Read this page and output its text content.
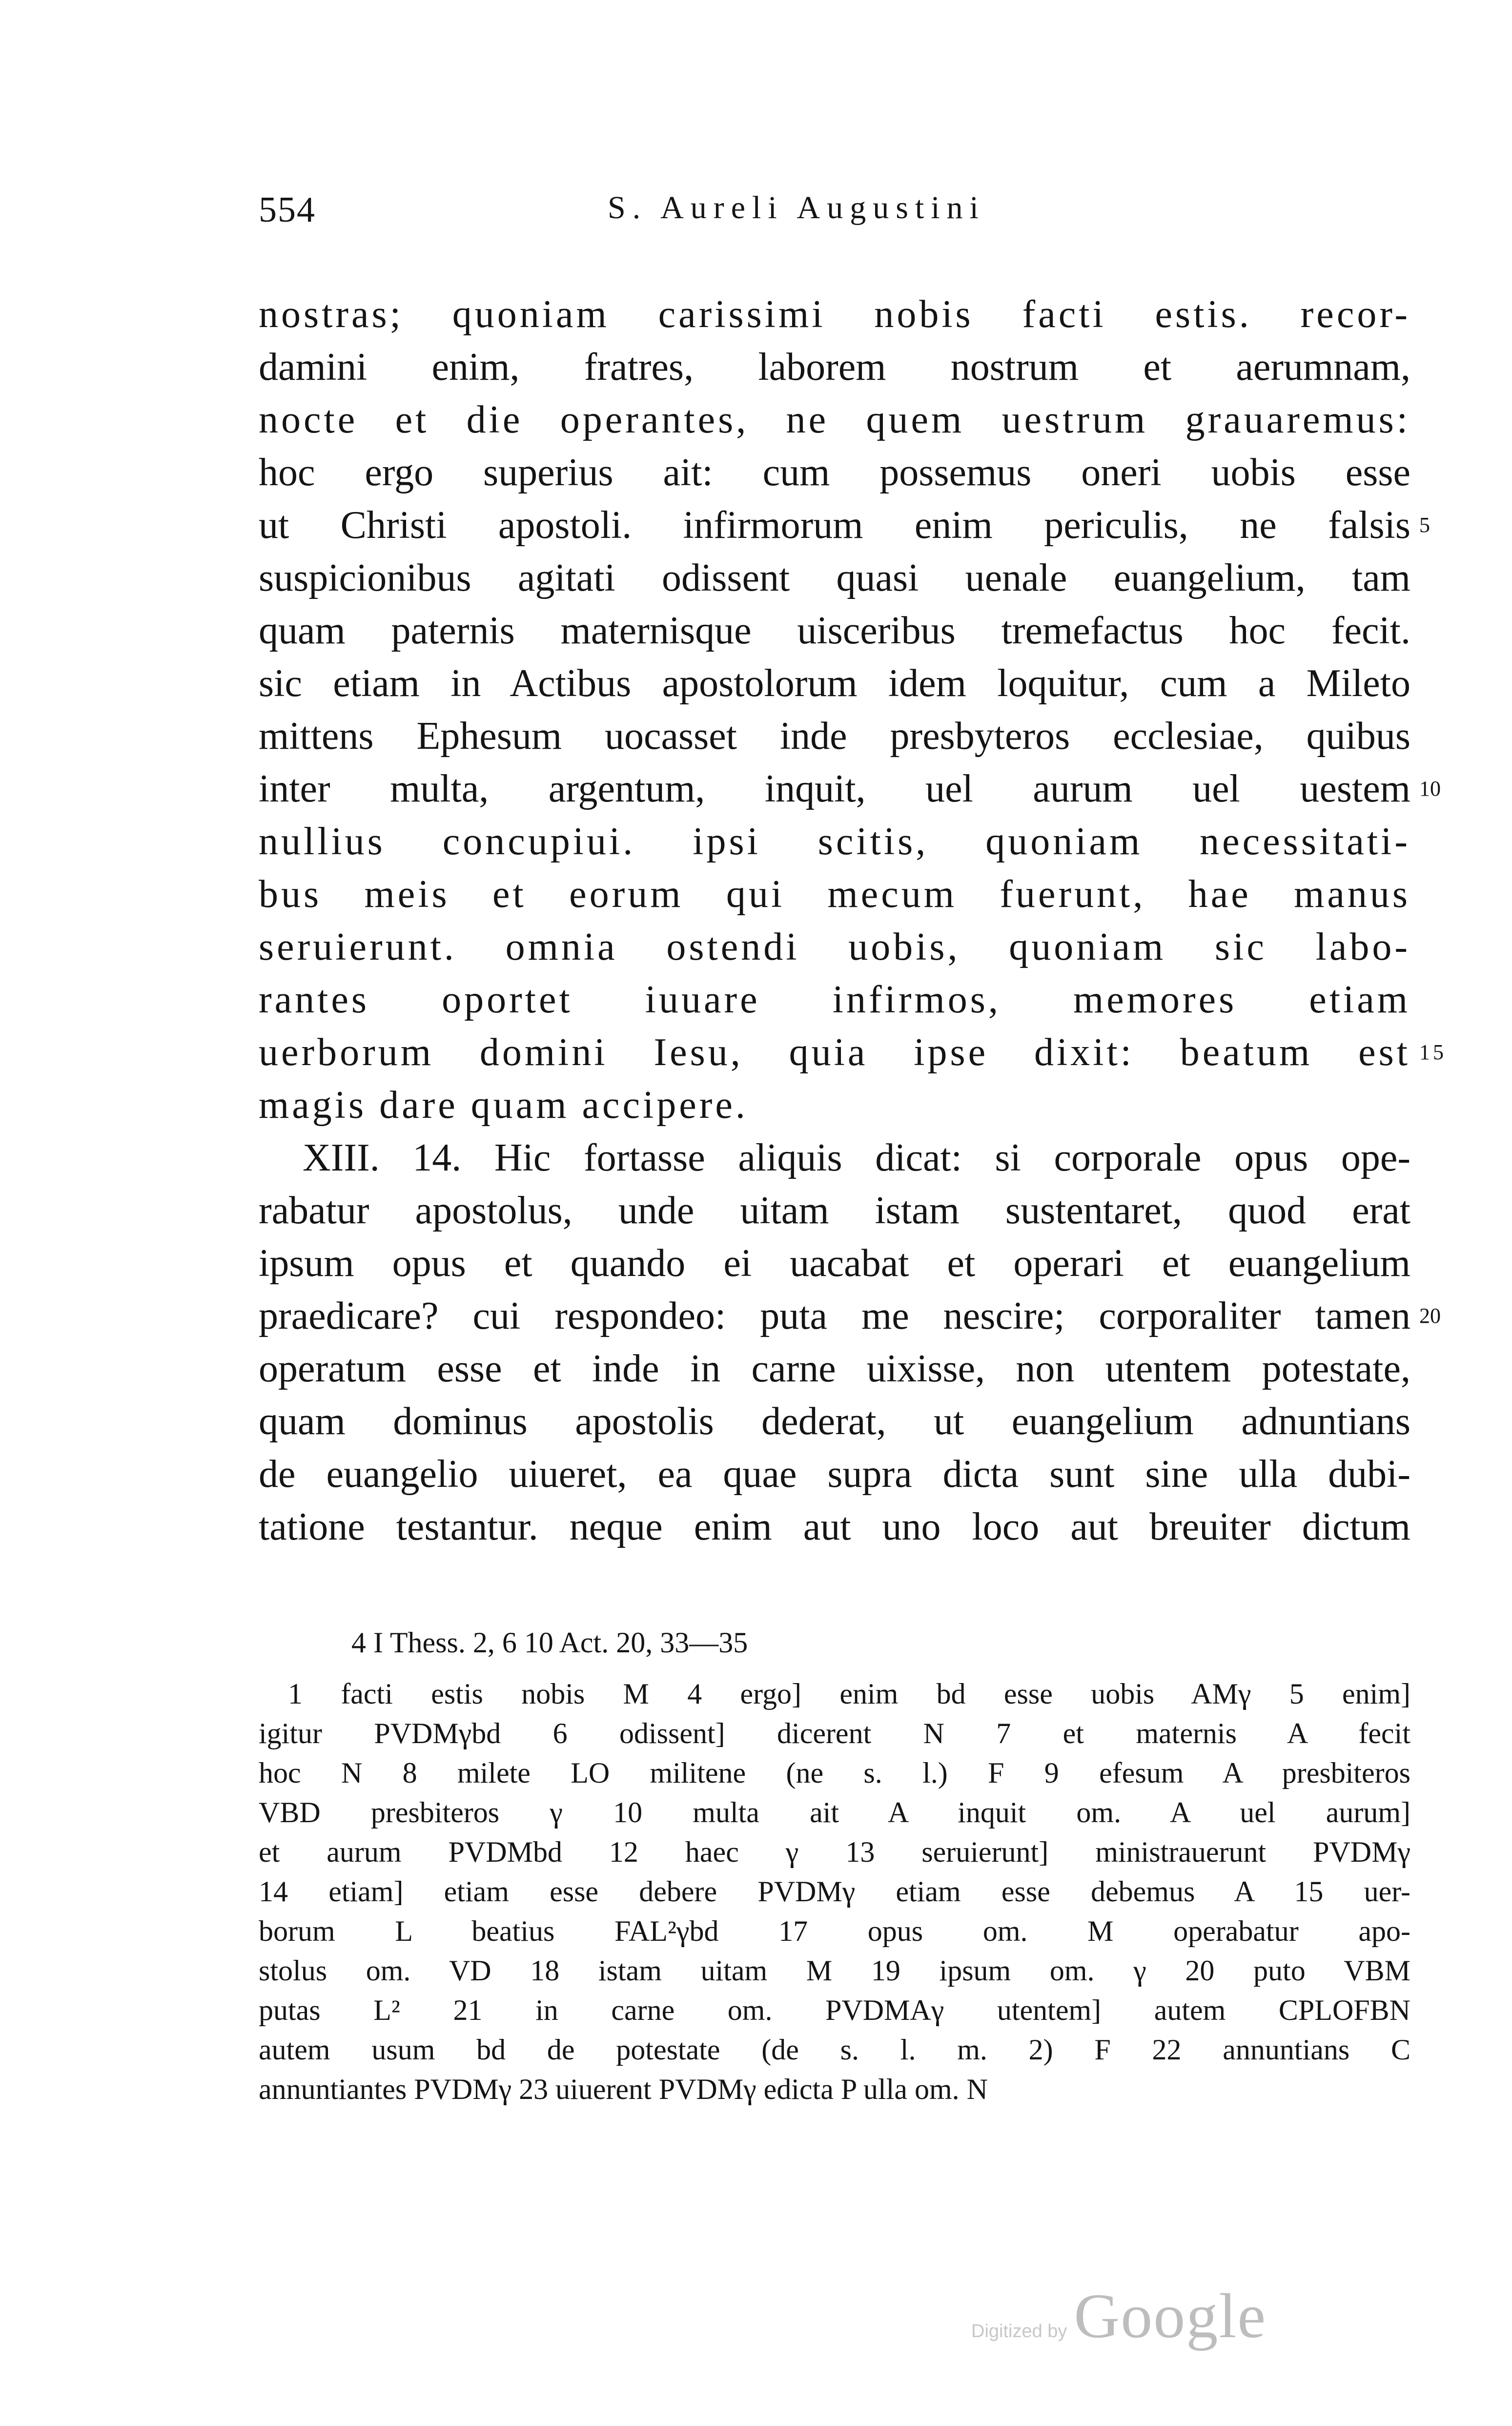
554	S. Aureli Augustini
nostras; quoniam carissimi nobis facti estis. recor-
damini enim, fratres, laborem nostrum et aerumnam,
nocte et die operantes, ne quem uestrum grauaremus:
hoc ergo superius ait: cum possemus oneri uobis esse
ut Christi apostoli. infirmorum enim periculis, ne falsis 5
suspicionibus agitati odissent quasi uenale euangelium, tam
quam paternis maternisque uisceribus tremefactus hoc fecit.
sic etiam in Actibus apostolorum idem loquitur, cum a Mileto
mittens Ephesum uocasset inde presbyteros ecclesiae, quibus
inter multa, argentum, inquit, uel aurum uel uestem 10
nullius concupiui. ipsi scitis, quoniam necessitati-
bus meis et eorum qui mecum fuerunt, hae manus
seruierunt. omnia ostendi uobis, quoniam sic labo-
rantes oportet iuuare infirmos, memores etiam
uerborum domini Iesu, quia ipse dixit: beatum est 15
magis dare quam accipere.
XIII. 14. Hic fortasse aliquis dicat: si corporale opus ope-
rabatur apostolus, unde uitam istam sustentaret, quod erat
ipsum opus et quando ei uacabat et operari et euangelium
praedicare? cui respondeo: puta me nescire; corporaliter tamen 20
operatum esse et inde in carne uixisse, non utentem potestate,
quam dominus apostolis dederat, ut euangelium adnuntians
de euangelio uiueret, ea quae supra dicta sunt sine ulla dubi-
tatione testantur. neque enim aut uno loco aut breuiter dictum
4 I Thess. 2, 6 10 Act. 20, 33—35
1 facti estis nobis M 4 ergo] enim bd esse uobis AMγ 5 enim]
igitur PVDMγbd 6 odissent] dicerent N 7 et maternis A fecit
hoc N 8 milete LO militene (ne s. l.) F 9 efesum A presbiteros
VBD presbiteros γ 10 multa ait A inquit om. A uel aurum]
et aurum PVDMbd 12 haec γ 13 seruierunt] ministrauerunt PVDMγ
14 etiam] etiam esse debere PVDMγ etiam esse debemus A 15 uer-
borum L beatius FAL²γbd 17 opus om. M operabatur apo-
stolus om. VD 18 istam uitam M 19 ipsum om. γ 20 puto VBM
putas L² 21 in carne om. PVDMAγ utentem] autem CPLOFBN
autem usum bd de potestate (de s. l. m. 2) F 22 annuntians C
annuntiantes PVDMγ 23 uiuerent PVDMγ edicta P ulla om. N
Digitized by Google
